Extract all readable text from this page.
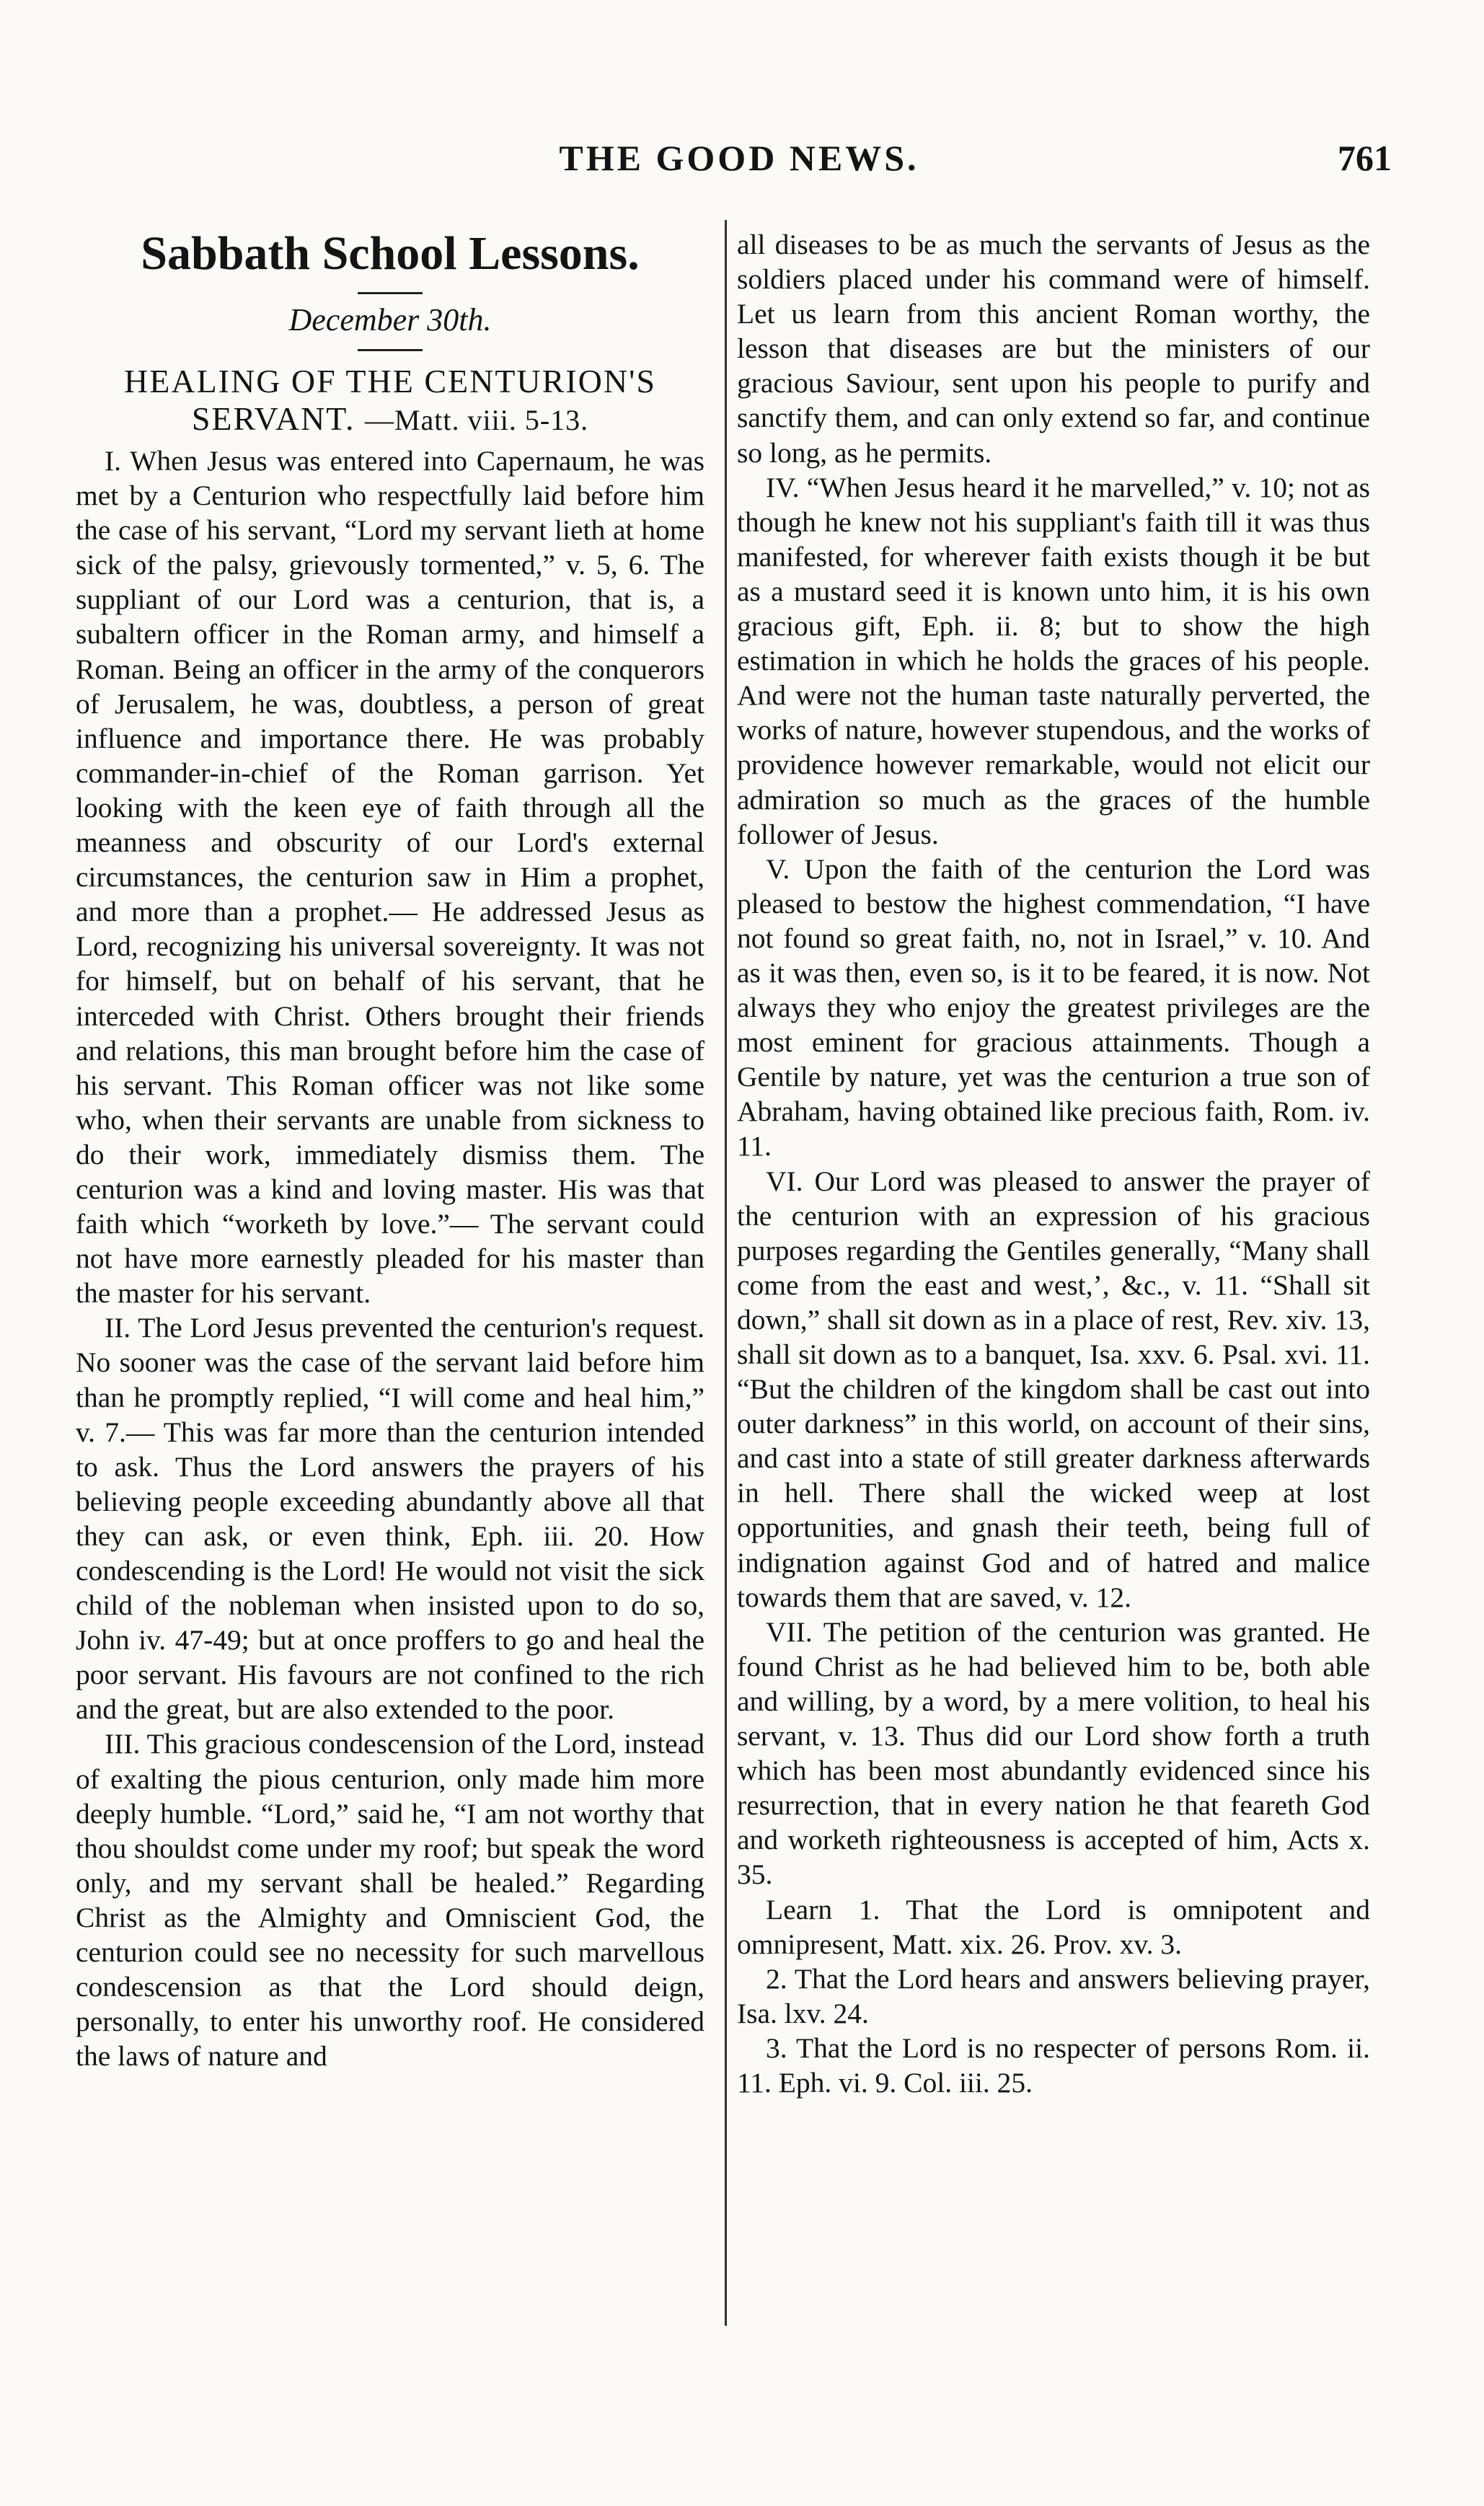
THE GOOD NEWS.	761
Sabbath School Lessons.
December 30th.
HEALING OF THE CENTURION'S SERVANT. —Matt. viii. 5-13.

I. When Jesus was entered into Capernaum, he was met by a Centurion who respectfully laid before him the case of his servant, “Lord my servant lieth at home sick of the palsy, grievously tormented,” v. 5, 6. The suppliant of our Lord was a centurion, that is, a subaltern officer in the Roman army, and himself a Roman. Being an officer in the army of the conquerors of Jerusalem, he was, doubtless, a person of great influence and importance there. He was probably commander-in-chief of the Roman garrison. Yet looking with the keen eye of faith through all the meanness and obscurity of our Lord's external circumstances, the centurion saw in Him a prophet, and more than a prophet.— He addressed Jesus as Lord, recognizing his universal sovereignty. It was not for himself, but on behalf of his servant, that he interceded with Christ. Others brought their friends and relations, this man brought before him the case of his servant. This Roman officer was not like some who, when their servants are unable from sickness to do their work, immediately dismiss them. The centurion was a kind and loving master. His was that faith which “worketh by love.”— The servant could not have more earnestly pleaded for his master than the master for his servant.

II. The Lord Jesus prevented the centurion's request. No sooner was the case of the servant laid before him than he promptly replied, “I will come and heal him,” v. 7.— This was far more than the centurion intended to ask. Thus the Lord answers the prayers of his believing people exceeding abundantly above all that they can ask, or even think, Eph. iii. 20. How condescending is the Lord! He would not visit the sick child of the nobleman when insisted upon to do so, John iv. 47-49; but at once proffers to go and heal the poor servant. His favours are not confined to the rich and the great, but are also extended to the poor.

III. This gracious condescension of the Lord, instead of exalting the pious centurion, only made him more deeply humble. “Lord,” said he, “I am not worthy that thou shouldst come under my roof; but speak the word only, and my servant shall be healed.” Regarding Christ as the Almighty and Omniscient God, the centurion could see no necessity for such marvellous condescension as that the Lord should deign, personally, to enter his unworthy roof. He considered the laws of nature and

all diseases to be as much the servants of Jesus as the soldiers placed under his command were of himself. Let us learn from this ancient Roman worthy, the lesson that diseases are but the ministers of our gracious Saviour, sent upon his people to purify and sanctify them, and can only extend so far, and continue so long, as he permits.

IV. “When Jesus heard it he marvelled,” v. 10; not as though he knew not his suppliant's faith till it was thus manifested, for wherever faith exists though it be but as a mustard seed it is known unto him, it is his own gracious gift, Eph. ii. 8; but to show the high estimation in which he holds the graces of his people. And were not the human taste naturally perverted, the works of nature, however stupendous, and the works of providence however remarkable, would not elicit our admiration so much as the graces of the humble follower of Jesus.

V. Upon the faith of the centurion the Lord was pleased to bestow the highest commendation, “I have not found so great faith, no, not in Israel,” v. 10. And as it was then, even so, is it to be feared, it is now. Not always they who enjoy the greatest privileges are the most eminent for gracious attainments. Though a Gentile by nature, yet was the centurion a true son of Abraham, having obtained like precious faith, Rom. iv. 11.

VI. Our Lord was pleased to answer the prayer of the centurion with an expression of his gracious purposes regarding the Gentiles generally, “Many shall come from the east and west,’, &c., v. 11. “Shall sit down,” shall sit down as in a place of rest, Rev. xiv. 13, shall sit down as to a banquet, Isa. xxv. 6. Psal. xvi. 11. “But the children of the kingdom shall be cast out into outer darkness” in this world, on account of their sins, and cast into a state of still greater darkness afterwards in hell. There shall the wicked weep at lost opportunities, and gnash their teeth, being full of indignation against God and of hatred and malice towards them that are saved, v. 12.

VII. The petition of the centurion was granted. He found Christ as he had believed him to be, both able and willing, by a word, by a mere volition, to heal his servant, v. 13. Thus did our Lord show forth a truth which has been most abundantly evidenced since his resurrection, that in every nation he that feareth God and worketh righteousness is accepted of him, Acts x. 35.

Learn 1. That the Lord is omnipotent and omnipresent, Matt. xix. 26. Prov. xv. 3.

2. That the Lord hears and answers believing prayer, Isa. lxv. 24.

3. That the Lord is no respecter of persons Rom. ii. 11. Eph. vi. 9. Col. iii. 25.
